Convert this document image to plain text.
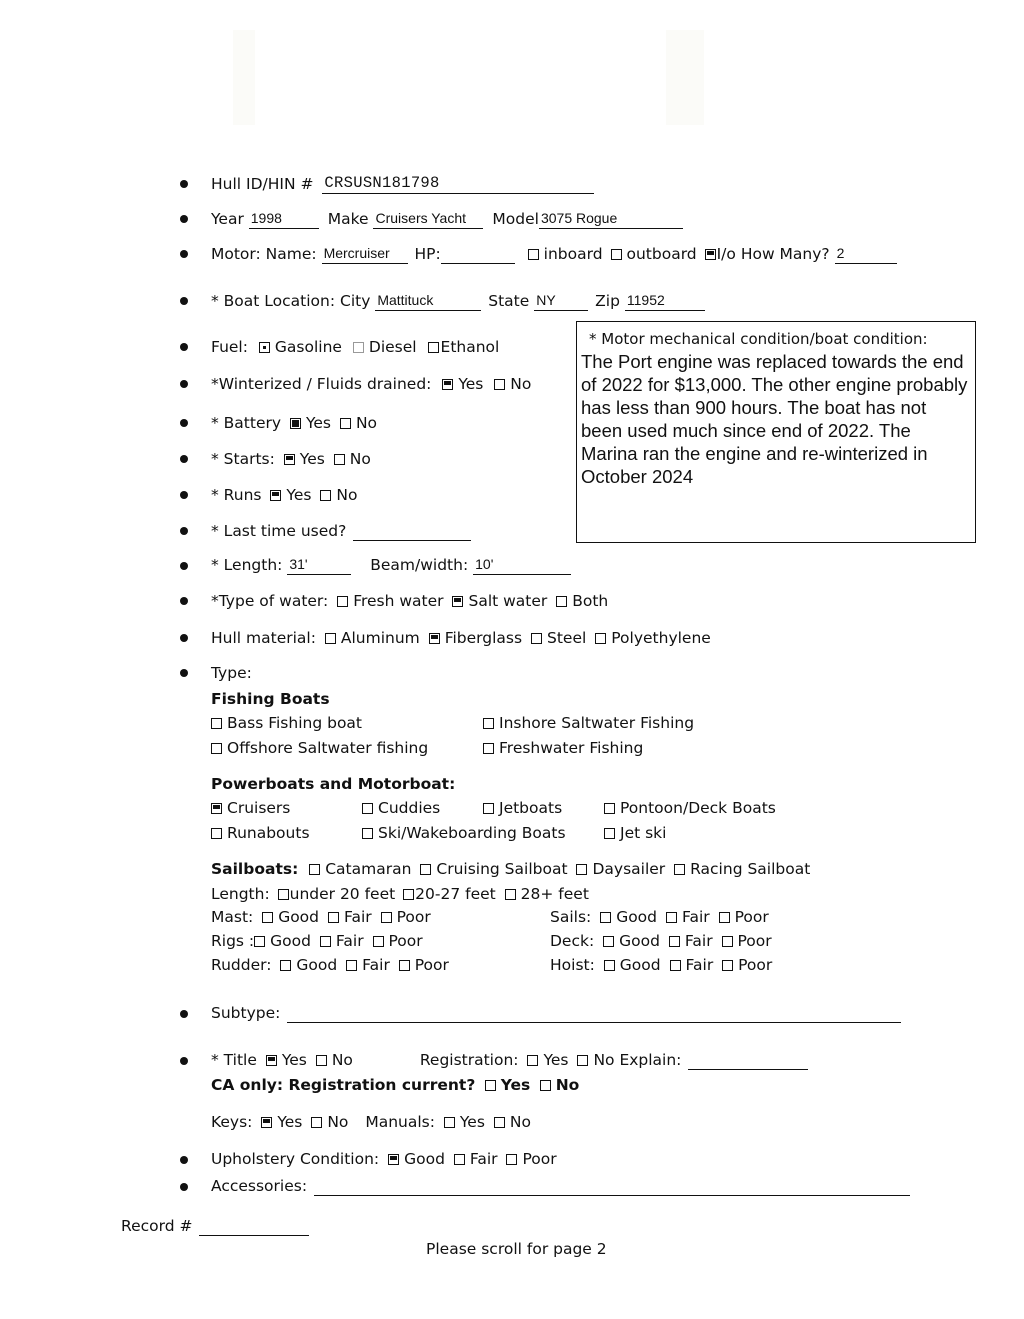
Hull ID/HIN # CRSUSN181798
Year 1998	Make Cruisers Yacht Model 3075 Rogue
Motor: Name: Mercruiser HP:	inboard outboard I/o How Many? 2
* Boat Location: City Mattituck	State NY	Zip 11952
Fuel: Gasoline Diesel Ethanol
*Winterized / Fluids drained: Yes No
* Battery Yes No
* Starts: Yes No
* Runs Yes No
* Last time used?
* Motor mechanical condition/boat condition:
The Port engine was replaced towards the end of 2022 for $13,000. The other engine probably has less than 900 hours. The boat has not been used much since end of 2022. The Marina ran the engine and re-winterized in October 2024
* Length: 31'	Beam/width: 10'
*Type of water: Fresh water Salt water Both
Hull material: Aluminum Fiberglass Steel Polyethylene
Type:
Fishing Boats
Bass Fishing boat	Inshore Saltwater Fishing
Offshore Saltwater fishing	Freshwater Fishing
Powerboats and Motorboat:
Cruisers	Cuddies	Jetboats	Pontoon/Deck Boats
Runabouts	Ski/Wakeboarding Boats	Jet ski
Sailboats: Catamaran Cruising Sailboat Daysailer Racing Sailboat
Length: under 20 feet 20-27 feet 28+ feet
Mast: Good Fair Poor	Sails: Good Fair Poor
Rigs : Good Fair Poor	Deck: Good Fair Poor
Rudder: Good Fair Poor	Hoist: Good Fair Poor
Subtype:
* Title Yes No	Registration: Yes No Explain:
CA only: Registration current? Yes No
Keys: Yes No Manuals: Yes No
Upholstery Condition: Good Fair Poor
Accessories:
Record #
Please scroll for page 2
